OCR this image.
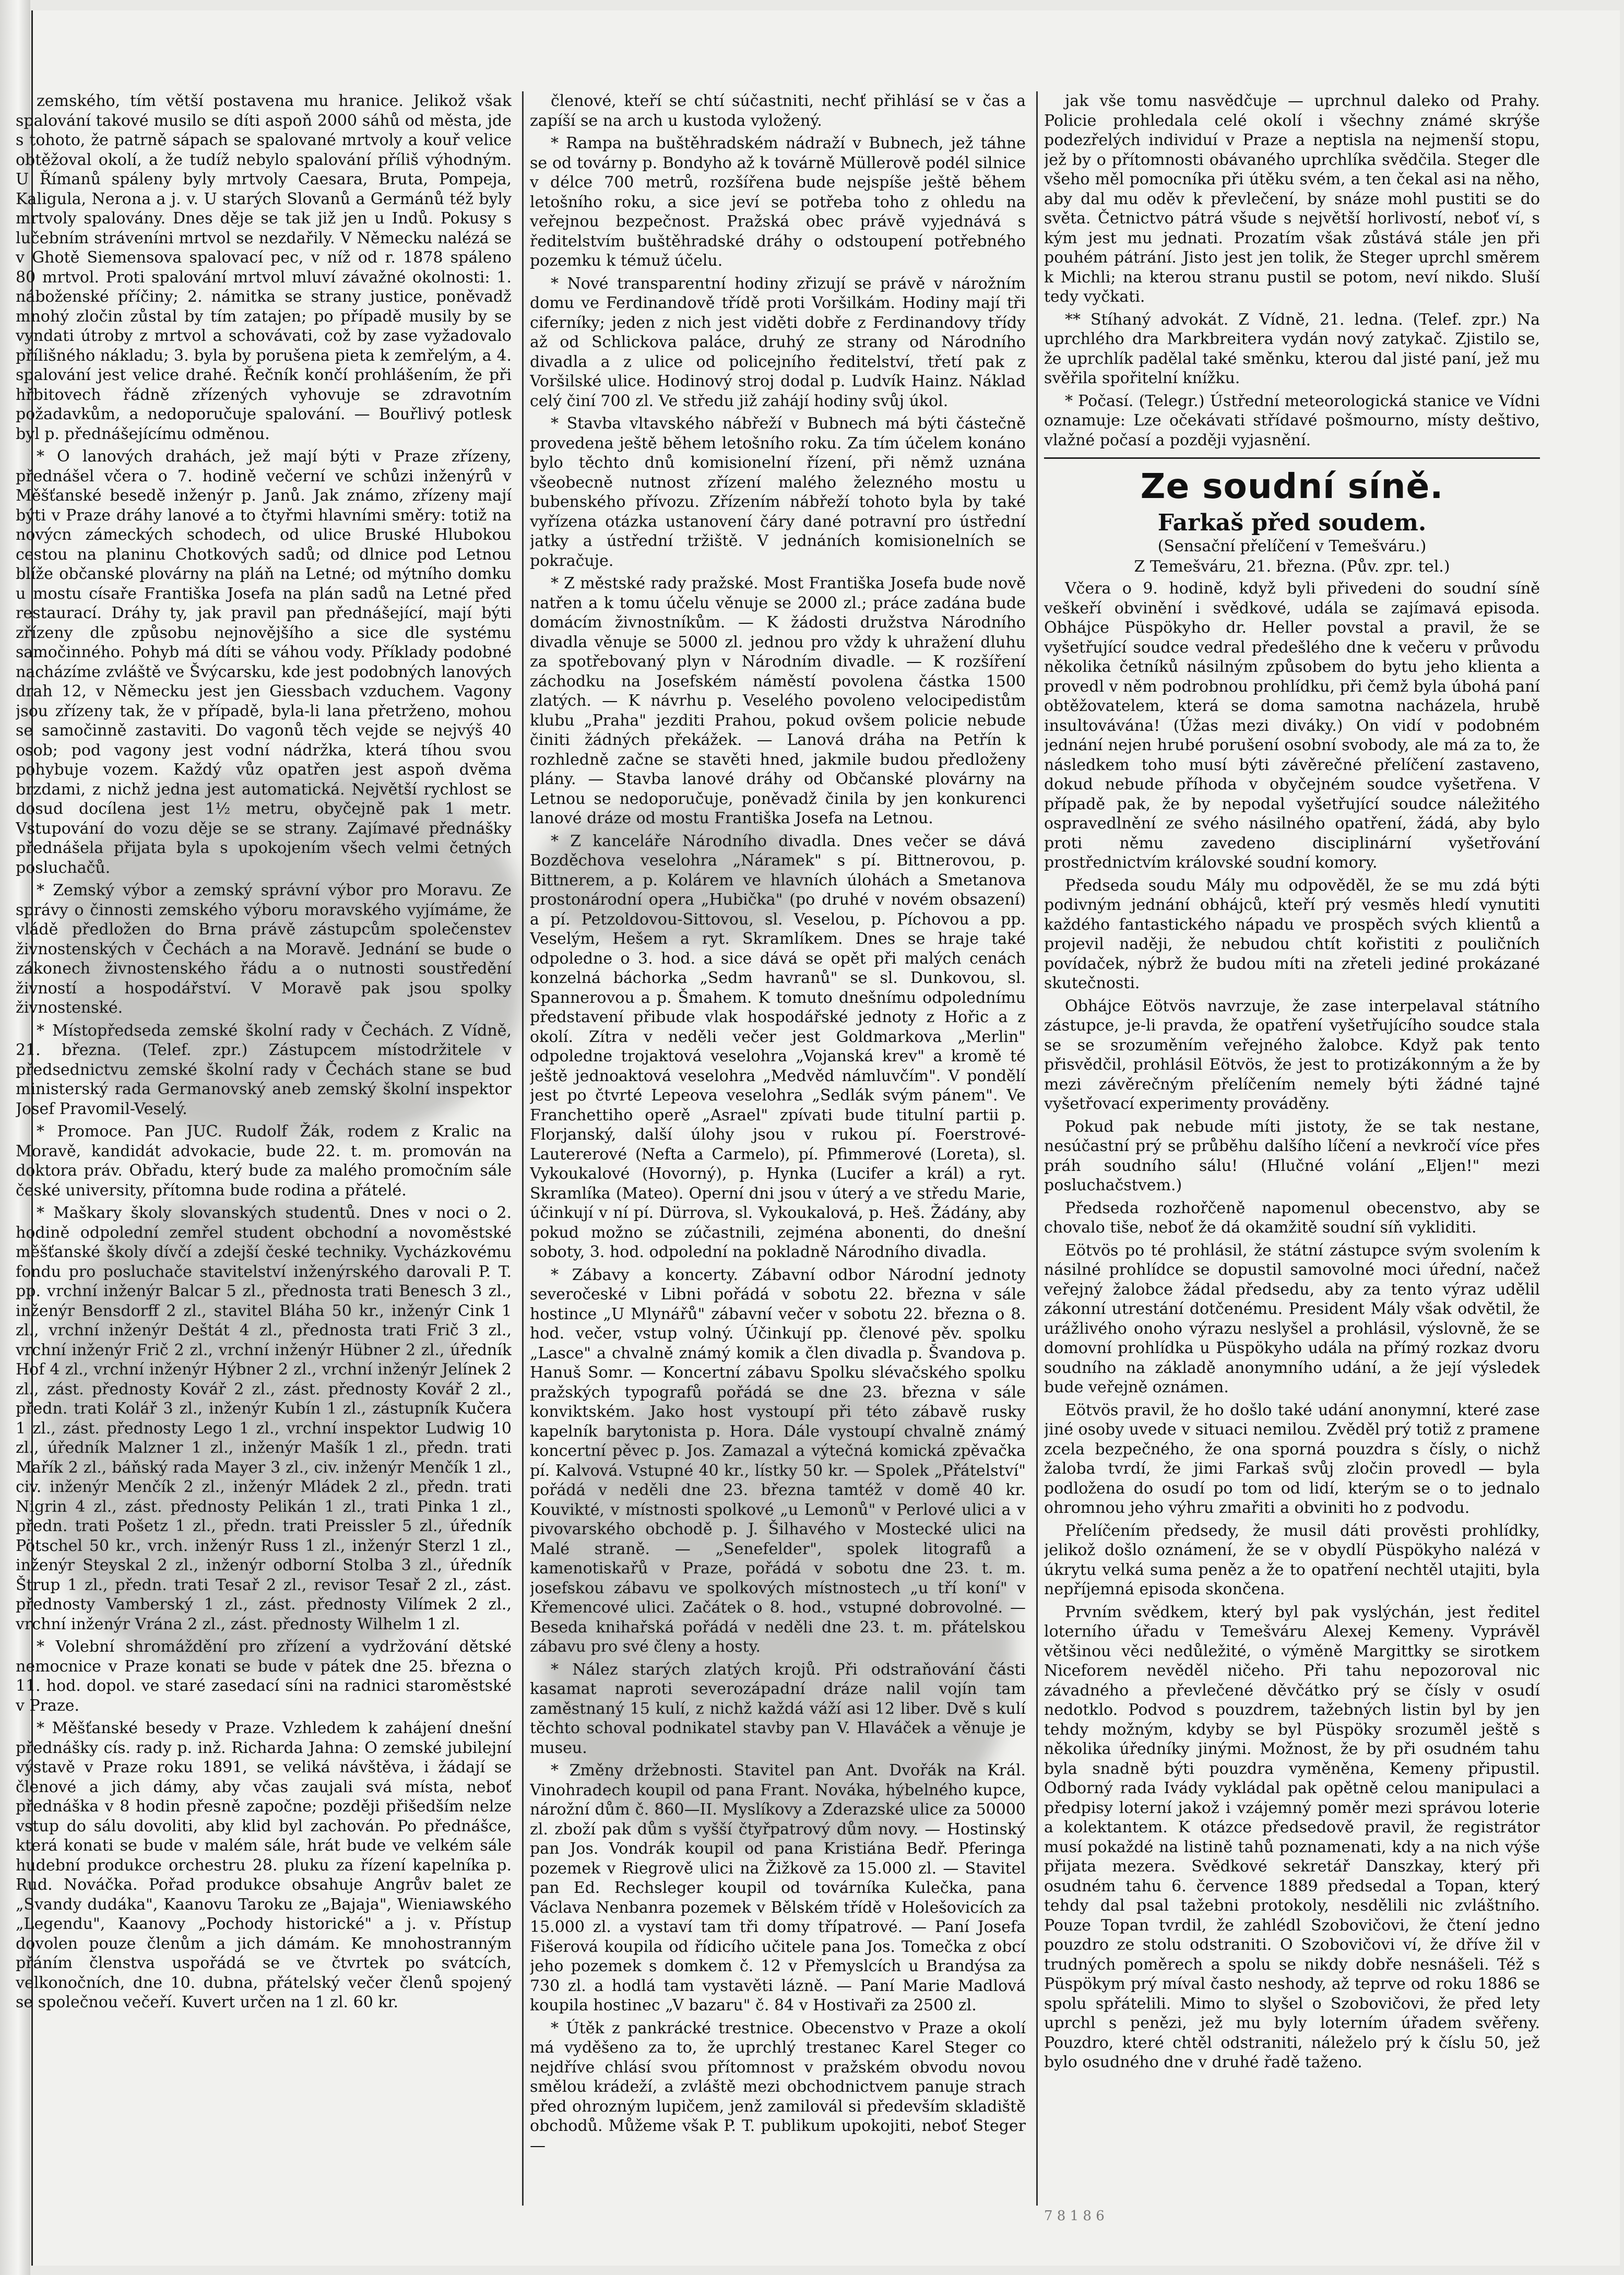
zemského, tím větší postavena mu hranice. Jelikož však spalování takové musilo se díti aspoň 2000 sáhů od města, jde s tohoto, že patrně sápach se spalované mrtvoly a kouř velice obtěžoval okolí, a že tudíž nebylo spalování příliš výhodným. U Římanů spáleny byly mrtvoly Caesara, Bruta, Pompeja, Kaligula, Nerona a j. v. U starých Slovanů a Germánů též byly mrtvoly spalovány. Dnes děje se tak již jen u Indů. Pokusy s lučebním stráveníni mrtvol se nezdařily. V Německu nalézá se v Ghotě Siemensova spalovací pec, v níž od r. 1878 spáleno 80 mrtvol. Proti spalování mrtvol mluví závažné okolnosti: 1. náboženské příčiny; 2. námitka se strany justice, poněvadž mnohý zločin zůstal by tím zatajen; po případě musily by se vyndati útroby z mrtvol a schovávati, což by zase vyžadovalo přílišného nákladu; 3. byla by porušena pieta k zemřelým, a 4. spalování jest velice drahé. Řečník končí prohlášením, že při hřbitovech řádně zřízených vyhovuje se zdravotním požadavkům, a nedoporučuje spalování. — Bouřlivý potlesk byl p. přednášejícímu odměnou.

* O lanových drahách, jež mají býti v Praze zřízeny, přednášel včera o 7. hodině večerní ve schůzi inženýrů v Měšťanské besedě inženýr p. Janů. Jak známo, zřízeny mají býti v Praze dráhy lanové a to čtyřmi hlavními směry: totiž na novýcn zámeckých schodech, od ulice Bruské Hlubokou cestou na planinu Chotkových sadů; od dlnice pod Letnou blíže občanské plovárny na pláň na Letné; od mýtního domku u mostu císaře Františka Josefa na plán sadů na Letné před restaurací. Dráhy ty, jak pravil pan přednášející, mají býti zřízeny dle způsobu nejnovějšího a sice dle systému samočinného. Pohyb má díti se váhou vody. Příklady podobné nacházíme zvláště ve Švýcarsku, kde jest podobných lanových drah 12, v Německu jest jen Giessbach vzduchem. Vagony jsou zřízeny tak, že v případě, byla-li lana přetrženo, mohou se samočinně zastaviti. Do vagonů těch vejde se nejvýš 40 osob; pod vagony jest vodní nádržka, která tíhou svou pohybuje vozem. Každý vůz opatřen jest aspoň dvěma brzdami, z nichž jedna jest automatická. Největší rychlost se dosud docílena jest 1½ metru, obyčejně pak 1 metr. Vstupování do vozu děje se se strany. Zajímavé přednášky přednášela přijata byla s upokojením všech velmi četných posluchačů.

* Zemský výbor a zemský správní výbor pro Moravu. Ze správy o činnosti zemského výboru moravského vyjímáme, že vládě předložen do Brna právě zástupcům společenstev živnostenských v Čechách a na Moravě. Jednání se bude o zákonech živnostenského řádu a o nutnosti soustředění živností a hospodářství. V Moravě pak jsou spolky živnostenské.

* Místopředseda zemské školní rady v Čechách. Z Vídně, 21. března. (Telef. zpr.) Zástupcem místodržitele v předsednictvu zemské školní rady v Čechách stane se bud ministerský rada Germanovský aneb zemský školní inspektor Josef Pravomil-Veselý.

* Promoce. Pan JUC. Rudolf Žák, rodem z Kralic na Moravě, kandidát advokacie, bude 22. t. m. promován na doktora práv. Obřadu, který bude za malého promočním sále české university, přítomna bude rodina a přátelé.

* Maškary školy slovanských studentů. Dnes v noci o 2. hodině odpolední zemřel student obchodní a novoměstské měšťanské školy dívčí a zdejší české techniky. Vycházkovému fondu pro posluchače stavitelství inženýrského darovali P. T. pp. vrchní inženýr Balcar 5 zl., přednosta trati Benesch 3 zl., inženýr Bensdorff 2 zl., stavitel Bláha 50 kr., inženýr Cink 1 zl., vrchní inženýr Deštát 4 zl., přednosta trati Frič 3 zl., vrchní inženýr Frič 2 zl., vrchní inženýr Hübner 2 zl., úředník Hof 4 zl., vrchní inženýr Hýbner 2 zl., vrchní inženýr Jelínek 2 zl., zást. přednosty Kovář 2 zl., zást. přednosty Kovář 2 zl., předn. trati Kolář 3 zl., inženýr Kubín 1 zl., zástupník Kučera 1 zl., zást. přednosty Lego 1 zl., vrchní inspektor Ludwig 10 zl., úředník Malzner 1 zl., inženýr Mašík 1 zl., předn. trati Mařík 2 zl., báňský rada Mayer 3 zl., civ. inženýr Menčík 1 zl., civ. inženýr Menčík 2 zl., inženýr Mládek 2 zl., předn. trati Nigrin 4 zl., zást. přednosty Pelikán 1 zl., trati Pinka 1 zl., předn. trati Pošetz 1 zl., předn. trati Preissler 5 zl., úředník Pötschel 50 kr., vrch. inženýr Russ 1 zl., inženýr Sterzl 1 zl., inženýr Steyskal 2 zl., inženýr odborní Stolba 3 zl., úředník Štrup 1 zl., předn. trati Tesař 2 zl., revisor Tesař 2 zl., zást. přednosty Vamberský 1 zl., zást. přednosty Vilímek 2 zl., vrchní inženýr Vrána 2 zl., zást. přednosty Wilhelm 1 zl.

* Volební shromáždění pro zřízení a vydržování dětské nemocnice v Praze konati se bude v pátek dne 25. března o 11. hod. dopol. ve staré zasedací síni na radnici staroměstské v Praze.

* Měšťanské besedy v Praze. Vzhledem k zahájení dnešní přednášky cís. rady p. inž. Richarda Jahna: O zemské jubilejní výstavě v Praze roku 1891, se veliká návštěva, i žádají se členové a jich dámy, aby včas zaujali svá místa, neboť přednáška v 8 hodin přesně započne; později přišedším nelze vstup do sálu dovoliti, aby klid byl zachován. Po přednášce, která konati se bude v malém sále, hrát bude ve velkém sále hudební produkce orchestru 28. pluku za řízení kapelníka p. Rud. Nováčka. Pořad produkce obsahuje Angrův balet ze „Svandy dudáka", Kaanovu Taroku ze „Bajaja", Wieniawského „Legendu", Kaanovy „Pochody historické" a j. v. Přístup dovolen pouze členům a jich dámám. Ke mnohostranným přáním členstva uspořádá se ve čtvrtek po svátcích, velkonočních, dne 10. dubna, přátelský večer členů spojený se společnou večeří. Kuvert určen na 1 zl. 60 kr.

členové, kteří se chtí súčastniti, nechť přihlásí se v čas a zapíší se na arch u kustoda vyložený.

* Rampa na buštěhradském nádraží v Bubnech, jež táhne se od továrny p. Bondyho až k továrně Müllerově podél silnice v délce 700 metrů, rozšířena bude nejspíše ještě během letošního roku, a sice jeví se potřeba toho z ohledu na veřejnou bezpečnost. Pražská obec právě vyjednává s ředitelstvím buštěhradské dráhy o odstoupení potřebného pozemku k témuž účelu.

* Nové transparentní hodiny zřizují se právě v nárožním domu ve Ferdinandově třídě proti Voršilkám. Hodiny mají tři ciferníky; jeden z nich jest viděti dobře z Ferdinandovy třídy až od Schlickova paláce, druhý ze strany od Národního divadla a z ulice od policejního ředitelství, třetí pak z Voršilské ulice. Hodinový stroj dodal p. Ludvík Hainz. Náklad celý činí 700 zl. Ve středu již zahájí hodiny svůj úkol.

* Stavba vltavského nábřeží v Bubnech má býti částečně provedena ještě během letošního roku. Za tím účelem konáno bylo těchto dnů komisionelní řízení, při němž uznána všeobecně nutnost zřízení malého železného mostu u bubenského přívozu. Zřízením nábřeží tohoto byla by také vyřízena otázka ustanovení čáry dané potravní pro ústřední jatky a ústřední tržiště. V jednáních komisionelních se pokračuje.

* Z městské rady pražské. Most Františka Josefa bude nově natřen a k tomu účelu věnuje se 2000 zl.; práce zadána bude domácím živnostníkům. — K žádosti družstva Národního divadla věnuje se 5000 zl. jednou pro vždy k uhražení dluhu za spotřebovaný plyn v Národním divadle. — K rozšíření záchodku na Josefském náměstí povolena částka 1500 zlatých. — K návrhu p. Veselého povoleno velocipedistům klubu „Praha" jezditi Prahou, pokud ovšem policie nebude činiti žádných překážek. — Lanová dráha na Petřín k rozhledně začne se stavěti hned, jakmile budou předloženy plány. — Stavba lanové dráhy od Občanské plovárny na Letnou se nedoporučuje, poněvadž činila by jen konkurenci lanové dráze od mostu Františka Josefa na Letnou.

* Z kanceláře Národního divadla. Dnes večer se dává Bozděchova veselohra „Náramek" s pí. Bittnerovou, p. Bittnerem, a p. Kolárem ve hlavních úlohách a Smetanova prostonárodní opera „Hubička" (po druhé v novém obsazení) a pí. Petzoldovou-Sittovou, sl. Veselou, p. Píchovou a pp. Veselým, Hešem a ryt. Skramlíkem. Dnes se hraje také odpoledne o 3. hod. a sice dává se opět při malých cenách konzelná báchorka „Sedm havranů" se sl. Dunkovou, sl. Spannerovou a p. Šmahem. K tomuto dnešnímu odpolednímu představení přibude vlak hospodářské jednoty z Hořic a z okolí. Zítra v neděli večer jest Goldmarkova „Merlin" odpoledne trojaktová veselohra „Vojanská krev" a kromě té ještě jednoaktová veselohra „Medvěd námluvčím". V pondělí jest po čtvrté Lepeova veselohra „Sedlák svým pánem". Ve Franchettiho operě „Asrael" zpívati bude titulní partii p. Florjanský, další úlohy jsou v rukou pí. Foerstrové-Lautererové (Nefta a Carmelo), pí. Pfimmerové (Loreta), sl. Vykoukalové (Hovorný), p. Hynka (Lucifer a král) a ryt. Skramlíka (Mateo). Operní dni jsou v úterý a ve středu Marie, účinkují v ní pí. Dürrova, sl. Vykoukalová, p. Heš. Žádány, aby pokud možno se zúčastnili, zejména abonenti, do dnešní soboty, 3. hod. odpolední na pokladně Národního divadla.

* Zábavy a koncerty. Zábavní odbor Národní jednoty severočeské v Libni pořádá v sobotu 22. března v sále hostince „U Mlynářů" zábavní večer v sobotu 22. března o 8. hod. večer, vstup volný. Účinkují pp. členové pěv. spolku „Lasce" a chvalně známý komik a člen divadla p. Švandova p. Hanuš Somr. — Koncertní zábavu Spolku slévačského spolku pražských typografů pořádá se dne 23. března v sále konviktském. Jako host vystoupí při této zábavě rusky kapelník barytonista p. Hora. Dále vystoupí chvalně známý koncertní pěvec p. Jos. Zamazal a výtečná komická zpěvačka pí. Kalvová. Vstupné 40 kr., lístky 50 kr. — Spolek „Přátelství" pořádá v neděli dne 23. března tamtéž v domě 40 kr. Kouvikté, v místnosti spolkové „u Lemonů" v Perlové ulici a v pivovarského obchodě p. J. Šilhavého v Mostecké ulici na Malé straně. — „Senefelder", spolek litografů a kamenotiskařů v Praze, pořádá v sobotu dne 23. t. m. josefskou zábavu ve spolkových místnostech „u tří koní" v Křemencové ulici. Začátek o 8. hod., vstupné dobrovolné. — Beseda knihařská pořádá v neděli dne 23. t. m. přátelskou zábavu pro své členy a hosty.

* Nález starých zlatých krojů. Při odstraňování části kasamat naproti severozápadní dráze nalil vojín tam zaměstnaný 15 kulí, z nichž každá váží asi 12 liber. Dvě s kulí těchto schoval podnikatel stavby pan V. Hlaváček a věnuje je museu.

* Změny držebnosti. Stavitel pan Ant. Dvořák na Král. Vinohradech koupil od pana Frant. Nováka, hýbelného kupce, nárožní dům č. 860—II. Myslíkovy a Zderazské ulice za 50000 zl. zboží pak dům s vyšší čtyřpatrový dům novy. — Hostinský pan Jos. Vondrák koupil od pana Kristiána Bedř. Pferinga pozemek v Riegrově ulici na Žižkově za 15.000 zl. — Stavitel pan Ed. Rechsleger koupil od továrníka Kulečka, pana Václava Nenbanra pozemek v Bělském třídě v Holešovicích za 15.000 zl. a vystaví tam tři domy třípatrové. — Paní Josefa Fišerová koupila od řídicího učitele pana Jos. Tomečka z obcí jeho pozemek s domkem č. 12 v Přemyslcích u Brandýsa za 730 zl. a hodlá tam vystavěti lázně. — Paní Marie Madlová koupila hostinec „V bazaru" č. 84 v Hostivaři za 2500 zl.

* Útěk z pankrácké trestnice. Obecenstvo v Praze a okolí má vyděšeno za to, že uprchlý trestanec Karel Steger co nejdříve chlásí svou přítomnost v pražském obvodu novou smělou krádeží, a zvláště mezi obchodnictvem panuje strach před ohrozným lupičem, jenž zamilovál si především skladiště obchodů. Můžeme však P. T. publikum upokojiti, neboť Steger—

jak vše tomu nasvědčuje — uprchnul daleko od Prahy. Policie prohledala celé okolí i všechny známé skrýše podezřelých individuí v Praze a neptisla na nejmenší stopu, jež by o přítomnosti obávaného uprchlíka svědčila. Steger dle všeho měl pomocníka při útěku svém, a ten čekal asi na něho, aby dal mu oděv k převlečení, by snáze mohl pustiti se do světa. Četnictvo pátrá všude s největší horlivostí, neboť ví, s kým jest mu jednati. Prozatím však zůstává stále jen při pouhém pátrání. Jisto jest jen tolik, že Steger uprchl směrem k Michli; na kterou stranu pustil se potom, neví nikdo. Sluší tedy vyčkati.

** Stíhaný advokát. Z Vídně, 21. ledna. (Telef. zpr.) Na uprchlého dra Markbreitera vydán nový zatykač. Zjistilo se, že uprchlík padělal také směnku, kterou dal jisté paní, jež mu svěřila spořitelní knížku.

* Počasí. (Telegr.) Ústřední meteorologická stanice ve Vídni oznamuje: Lze očekávati střídavé pošmourno, místy deštivo, vlažné počasí a později vyjasnění.

Ze soudní síně.
Farkaš před soudem.
(Sensační přelíčení v Temešváru.)
Z Temešváru, 21. března. (Pův. zpr. tel.)

Včera o 9. hodině, když byli přivedeni do soudní síně veškeří obvinění i svědkové, udála se zajímavá episoda. Obhájce Püspökyho dr. Heller povstal a pravil, že se vyšetřující soudce vedral předešlého dne k večeru v průvodu několika četníků násilným způsobem do bytu jeho klienta a provedl v něm podrobnou prohlídku, při čemž byla úbohá paní obtěžovatelem, která se doma samotna nacházela, hrubě insultovávána! (Úžas mezi diváky.) On vidí v podobném jednání nejen hrubé porušení osobní svobody, ale má za to, že následkem toho musí býti závěrečné přelíčení zastaveno, dokud nebude příhoda v obyčejném soudce vyšetřena. V případě pak, že by nepodal vyšetřující soudce náležitého ospravedlnění ze svého násilného opatření, žádá, aby bylo proti němu zavedeno disciplinární vyšetřování prostřednictvím královské soudní komory.

Předseda soudu Mály mu odpověděl, že se mu zdá býti podivným jednání obhájců, kteří prý vesměs hledí vynutiti každého fantastického nápadu ve prospěch svých klientů a projevil naději, že nebudou chtít kořistiti z pouličních povídaček, nýbrž že budou míti na zřeteli jediné prokázané skutečnosti.

Obhájce Eötvös navrzuje, že zase interpelaval státního zástupce, je-li pravda, že opatření vyšetřujícího soudce stala se se srozuměním veřejného žalobce. Když pak tento přisvědčil, prohlásil Eötvös, že jest to protizákonným a že by mezi závěrečným přelíčením nemely býti žádné tajné vyšetřovací experimenty prováděny.

Pokud pak nebude míti jistoty, že se tak nestane, nesúčastní prý se průběhu dalšího líčení a nevkročí více přes práh soudního sálu! (Hlučné volání „Eljen!" mezi posluchačstvem.)

Předseda rozhořčeně napomenul obecenstvo, aby se chovalo tiše, neboť že dá okamžitě soudní síň vykliditi.

Eötvös po té prohlásil, že státní zástupce svým svolením k násilné prohlídce se dopustil samovolné moci úřední, načež veřejný žalobce žádal předsedu, aby za tento výraz udělil zákonní utrestání dotčenému. President Mály však odvětil, že urážlivého onoho výrazu neslyšel a prohlásil, výslovně, že se domovní prohlídka u Püspökyho udála na přímý rozkaz dvoru soudního na základě anonymního udání, a že její výsledek bude veřejně oznámen.

Eötvös pravil, že ho došlo také udání anonymní, které zase jiné osoby uvede v situaci nemilou. Zvěděl prý totiž z pramene zcela bezpečného, že ona sporná pouzdra s čísly, o nichž žaloba tvrdí, že jimi Farkaš svůj zločin provedl — byla podložena do osudí po tom od lidí, kterým se o to jednalo ohromnou jeho výhru zmařiti a obviniti ho z podvodu.

Přelíčením předsedy, že musil dáti prověsti prohlídky, jelikož došlo oznámení, že se v obydlí Püspökyho nalézá v úkrytu velká suma peněz a že to opatření nechtěl utajiti, byla nepříjemná episoda skončena.

Prvním svědkem, který byl pak vyslýchán, jest ředitel loterního úřadu v Temešváru Alexej Kemeny. Vyprávěl většinou věci nedůležité, o výměně Margittky se sirotkem Niceforem nevěděl ničeho. Při tahu nepozoroval nic závadného a převlečené děvčátko prý se čísly v osudí nedotklo. Podvod s pouzdrem, tažebných listin byl by jen tehdy možným, kdyby se byl Püspöky srozuměl ještě s několika úředníky jinými. Možnost, že by při osudném tahu byla snadně býti pouzdra vyměněna, Kemeny připustil. Odborný rada Ivády vykládal pak opětně celou manipulaci a předpisy loterní jakož i vzájemný poměr mezi správou loterie a kolektantem. K otázce předsedově pravil, že registrátor musí pokaždé na listině tahů poznamenati, kdy a na nich výše přijata mezera. Svědkové sekretář Danszkay, který při osudném tahu 6. července 1889 předsedal a Topan, který tehdy dal psal tažebni protokoly, nesdělili nic zvláštního. Pouze Topan tvrdil, že zahlédl Szobovičovi, že čtení jedno pouzdro ze stolu odstraniti. O Szobovičovi ví, že dříve žil v trudných poměrech a spolu se nikdy dobře nesnášeli. Též s Püspökym prý míval často neshody, až teprve od roku 1886 se spolu spřátelili. Mimo to slyšel o Szobovičovi, že před lety uprchl s penězi, jež mu byly loterním úřadem svěřeny. Pouzdro, které chtěl odstraniti, náleželo prý k číslu 50, jež bylo osudného dne v druhé řadě taženo.

7 8 1 8 6
